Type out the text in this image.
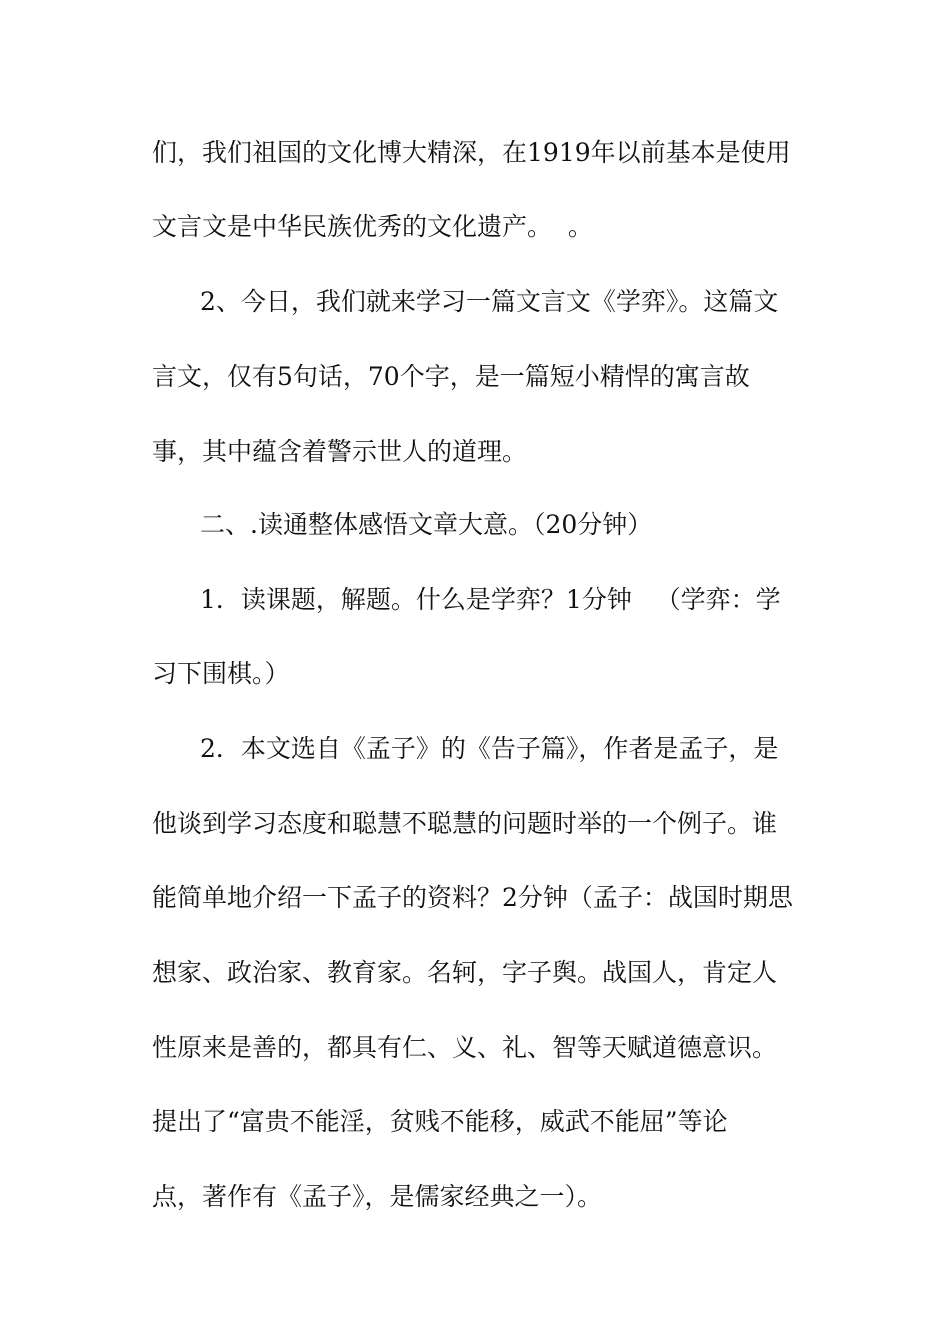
们，我们祖国的文化博大精深，在1919年以前基本是使用
文言文是中华民族优秀的文化遗产。  。
2、今日，我们就来学习一篇文言文《学弈》。这篇文
言文，仅有5句话，70个字，是一篇短小精悍的寓言故
事，其中蕴含着警示世人的道理。
二、.读通整体感悟文章大意。（20分钟）
1．读课题，解题。什么是学弈？1分钟   （学弈：学
习下围棋。）
2．本文选自《孟子》的《告子篇》，作者是孟子，是
他谈到学习态度和聪慧不聪慧的问题时举的一个例子。谁
能简单地介绍一下孟子的资料？2分钟（孟子：战国时期思
想家、政治家、教育家。名轲，字子舆。战国人，肯定人
性原来是善的，都具有仁、义、礼、智等天赋道德意识。
提出了“富贵不能淫，贫贱不能移，威武不能屈”等论
点，著作有《孟子》，是儒家经典之一）。
